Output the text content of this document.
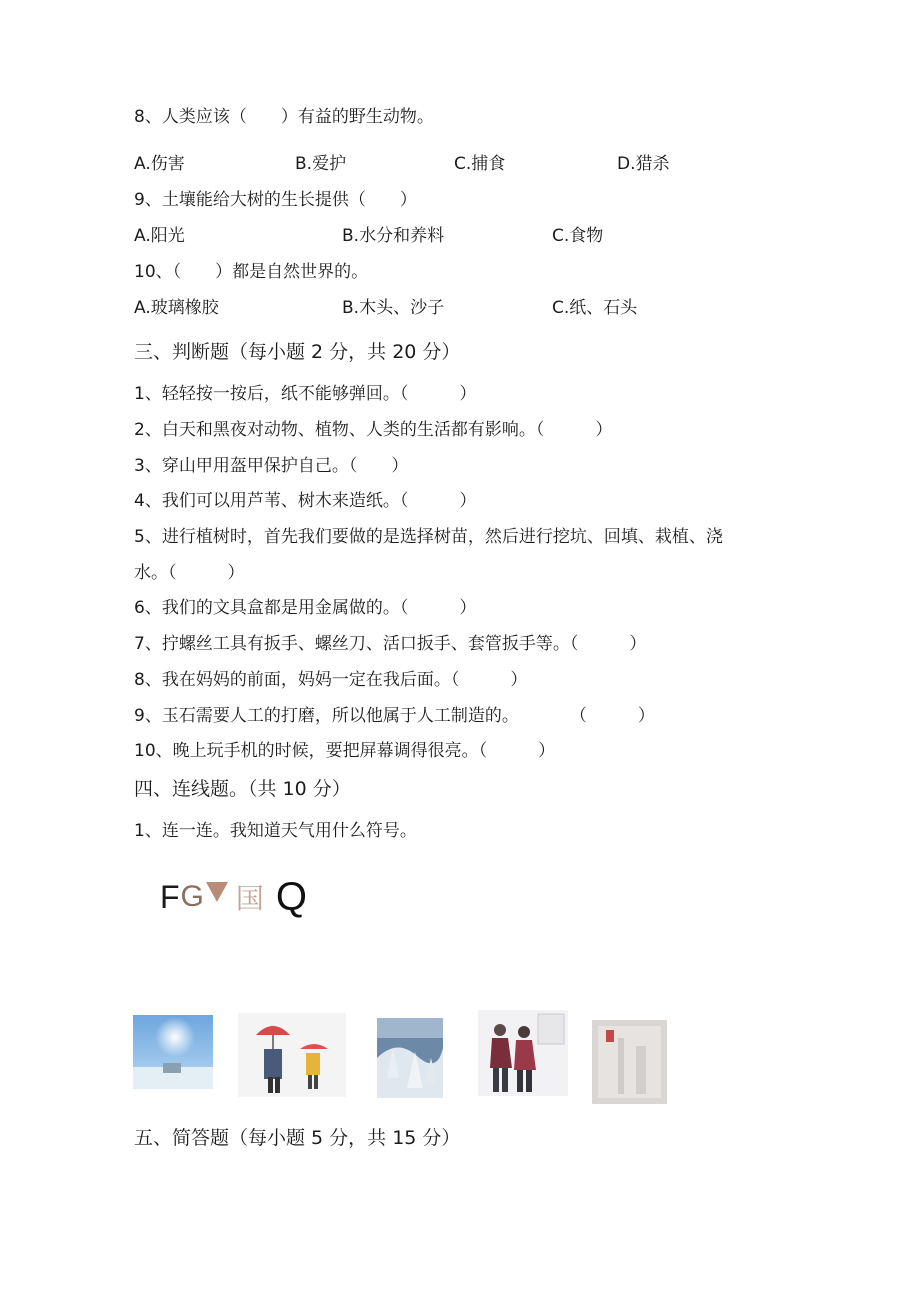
8、人类应该（　　）有益的野生动物。
A.伤害	B.爱护	C.捕食	D.猎杀
9、土壤能给大树的生长提供（　　）
A.阳光	B.水分和养料	C.食物
10、（　　）都是自然世界的。
A.玻璃橡胶	B.木头、沙子	C.纸、石头
三、判断题（每小题 2 分，共 20 分）
1、轻轻按一按后，纸不能够弹回。（　　　）
2、白天和黑夜对动物、植物、人类的生活都有影响。（　　　）
3、穿山甲用盔甲保护自己。（　　）
4、我们可以用芦苇、树木来造纸。（　　　）
5、进行植树时，首先我们要做的是选择树苗，然后进行挖坑、回填、栽植、浇
水。（　　　）
6、我们的文具盒都是用金属做的。（　　　）
7、拧螺丝工具有扳手、螺丝刀、活口扳手、套管扳手等。（　　　）
8、我在妈妈的前面，妈妈一定在我后面。（　　　）
9、玉石需要人工的打磨，所以他属于人工制造的。　　　　（　　　）
10、晚上玩手机的时候，要把屏幕调得很亮。（　　　）
四、连线题。（共 10 分）
1、连一连。我知道天气用什么符号。
F G 国 Q
五、简答题（每小题 5 分，共 15 分）
